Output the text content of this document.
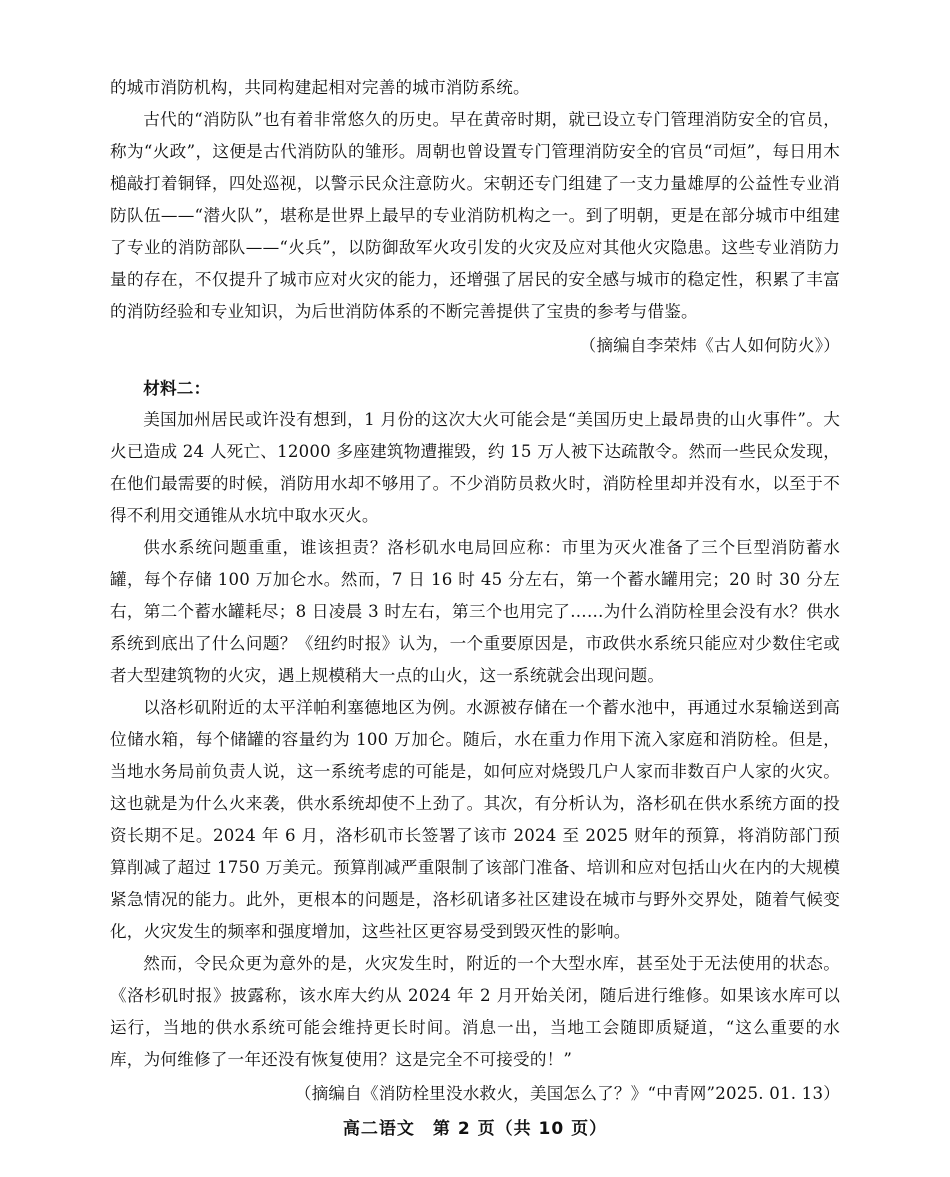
的城市消防机构，共同构建起相对完善的城市消防系统。

古代的“消防队”也有着非常悠久的历史。早在黄帝时期，就已设立专门管理消防安全的官员，称为“火政”，这便是古代消防队的雏形。周朝也曾设置专门管理消防安全的官员“司烜”，每日用木槌敲打着铜铎，四处巡视，以警示民众注意防火。宋朝还专门组建了一支力量雄厚的公益性专业消防队伍——“潜火队”，堪称是世界上最早的专业消防机构之一。到了明朝，更是在部分城市中组建了专业的消防部队——“火兵”，以防御敌军火攻引发的火灾及应对其他火灾隐患。这些专业消防力量的存在，不仅提升了城市应对火灾的能力，还增强了居民的安全感与城市的稳定性，积累了丰富的消防经验和专业知识，为后世消防体系的不断完善提供了宝贵的参考与借鉴。

（摘编自李荣炜《古人如何防火》）

材料二：

美国加州居民或许没有想到，1 月份的这次大火可能会是“美国历史上最昂贵的山火事件”。大火已造成 24 人死亡、12000 多座建筑物遭摧毁，约 15 万人被下达疏散令。然而一些民众发现，在他们最需要的时候，消防用水却不够用了。不少消防员救火时，消防栓里却并没有水，以至于不得不利用交通锥从水坑中取水灭火。

供水系统问题重重，谁该担责？洛杉矶水电局回应称：市里为灭火准备了三个巨型消防蓄水罐，每个存储 100 万加仑水。然而，7 日 16 时 45 分左右，第一个蓄水罐用完；20 时 30 分左右，第二个蓄水罐耗尽；8 日凌晨 3 时左右，第三个也用完了……为什么消防栓里会没有水？供水系统到底出了什么问题？《纽约时报》认为，一个重要原因是，市政供水系统只能应对少数住宅或者大型建筑物的火灾，遇上规模稍大一点的山火，这一系统就会出现问题。

以洛杉矶附近的太平洋帕利塞德地区为例。水源被存储在一个蓄水池中，再通过水泵输送到高位储水箱，每个储罐的容量约为 100 万加仑。随后，水在重力作用下流入家庭和消防栓。但是，当地水务局前负责人说，这一系统考虑的可能是，如何应对烧毁几户人家而非数百户人家的火灾。这也就是为什么火来袭，供水系统却使不上劲了。其次，有分析认为，洛杉矶在供水系统方面的投资长期不足。2024 年 6 月，洛杉矶市长签署了该市 2024 至 2025 财年的预算，将消防部门预算削减了超过 1750 万美元。预算削减严重限制了该部门准备、培训和应对包括山火在内的大规模紧急情况的能力。此外，更根本的问题是，洛杉矶诸多社区建设在城市与野外交界处，随着气候变化，火灾发生的频率和强度增加，这些社区更容易受到毁灭性的影响。

然而，令民众更为意外的是，火灾发生时，附近的一个大型水库，甚至处于无法使用的状态。《洛杉矶时报》披露称，该水库大约从 2024 年 2 月开始关闭，随后进行维修。如果该水库可以运行，当地的供水系统可能会维持更长时间。消息一出，当地工会随即质疑道，“这么重要的水库，为何维修了一年还没有恢复使用？这是完全不可接受的！”

（摘编自《消防栓里没水救火，美国怎么了？》“中青网”2025. 01. 13）

高二语文　第 2 页（共 10 页）
